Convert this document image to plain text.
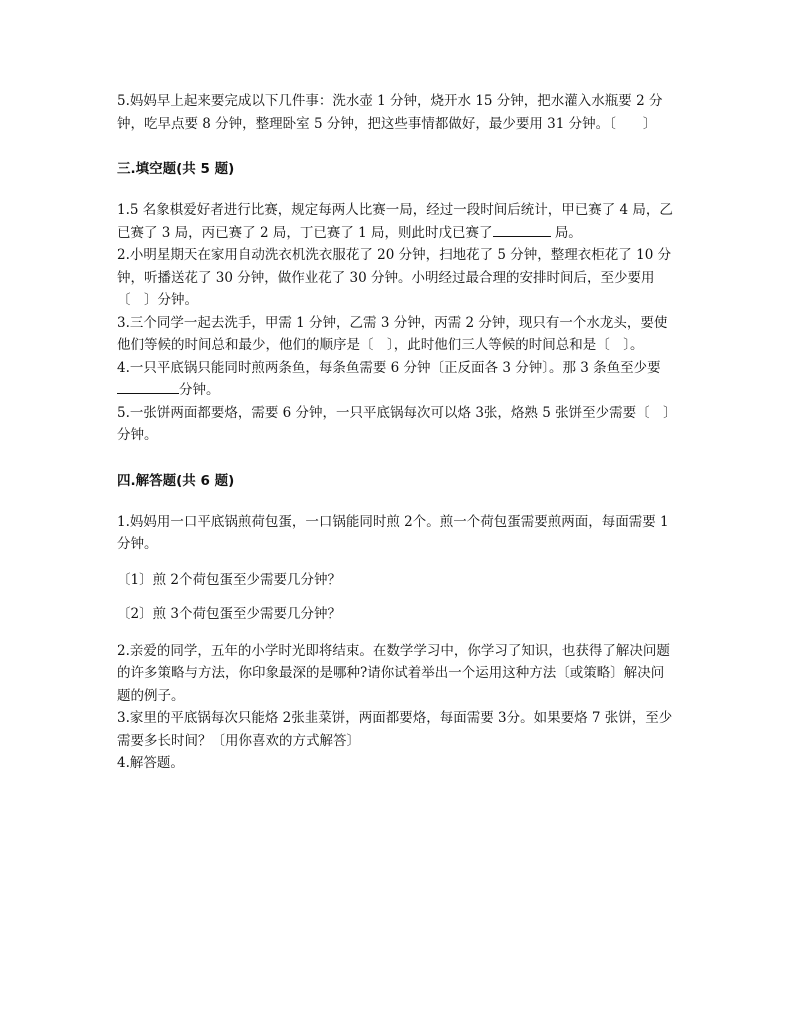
5.妈妈早上起来要完成以下几件事：洗水壶 1 分钟，烧开水 15 分钟，把水灌入水瓶要 2 分钟，吃早点要 8 分钟，整理卧室 5 分钟，把这些事情都做好，最少要用 31 分钟。〔　　〕

三.填空题(共 5 题)

1.5 名象棋爱好者进行比赛，规定每两人比赛一局，经过一段时间后统计，甲已赛了 4 局，乙已赛了 3 局，丙已赛了 2 局，丁已赛了 1 局，则此时戊已赛了	局。

2.小明星期天在家用自动洗衣机洗衣服花了 20 分钟，扫地花了 5 分钟，整理衣柜花了 10 分钟，听播送花了 30 分钟，做作业花了 30 分钟。小明经过最合理的安排时间后，至少要用〔　〕分钟。

3.三个同学一起去洗手，甲需 1 分钟，乙需 3 分钟，丙需 2 分钟，现只有一个水龙头，要使他们等候的时间总和最少，他们的顺序是〔　〕，此时他们三人等候的时间总和是〔　〕。

4.一只平底锅只能同时煎两条鱼，每条鱼需要 6 分钟〔正反面各 3 分钟〕。那 3 条鱼至少要分钟。

5.一张饼两面都要烙，需要 6 分钟，一只平底锅每次可以烙 3张，烙熟 5 张饼至少需要〔　〕分钟。

四.解答题(共 6 题)

1.妈妈用一口平底锅煎荷包蛋，一口锅能同时煎 2个。煎一个荷包蛋需要煎两面，每面需要 1分钟。

〔1〕煎 2个荷包蛋至少需要几分钟？

〔2〕煎 3个荷包蛋至少需要几分钟？

2.亲爱的同学，五年的小学时光即将结束。在数学学习中，你学习了知识，也获得了解决问题的许多策略与方法，你印象最深的是哪种?请你试着举出一个运用这种方法〔或策略〕解决问题的例子。

3.家里的平底锅每次只能烙 2张韭菜饼，两面都要烙，每面需要 3分。如果要烙 7 张饼，至少需要多长时间？〔用你喜欢的方式解答〕

4.解答题。
